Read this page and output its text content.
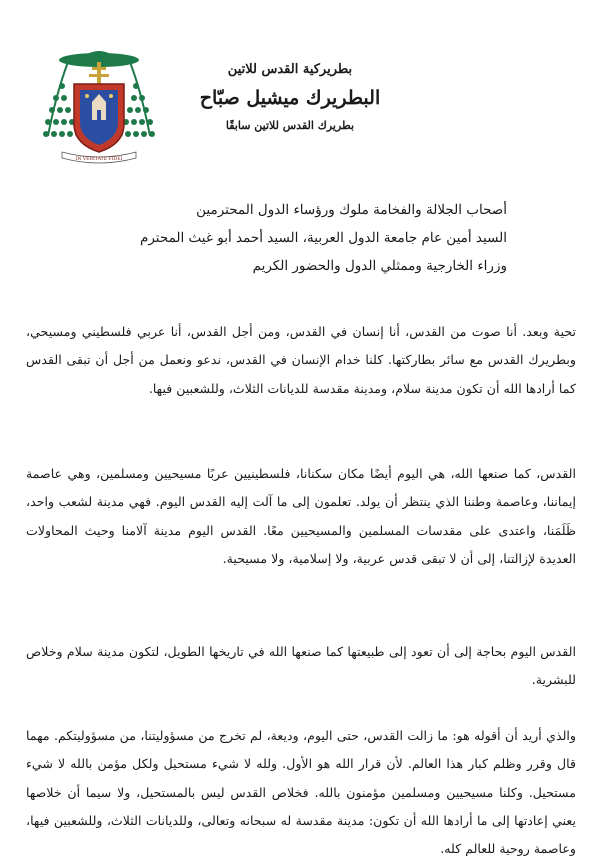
IN VERITATE FIDEI

بطريركية القدس للاتين

البطريرك ميشيل صبّاح

بطريرك القدس للاتين سابقًا

أصحاب الجلالة والفخامة ملوك ورؤساء الدول المحترمين
السيد أمين عام جامعة الدول العربية، السيد أحمد أبو غيث المحترم
وزراء الخارجية وممثلي الدول والحضور الكريم

تحية وبعد. أنا صوت من القدس، أنا إنسان في القدس، ومن أجل القدس، أنا عربي فلسطيني ومسيحي، وبطريرك القدس مع سائر بطاركتها. كلنا خدام الإنسان في القدس، ندعو ونعمل من أجل أن تبقى القدس كما أرادها الله أن تكون مدينة سلام، ومدينة مقدسة للديانات الثلاث، وللشعبين فيها.

القدس، كما صنعها الله، هي اليوم أيضًا مكان سكنانا، فلسطينيين عربًا مسيحيين ومسلمين، وهي عاصمة إيماننا، وعاصمة وطننا الذي ينتظر أن يولد. تعلمون إلى ما آلت إليه القدس اليوم. فهي مدينة لشعب واحد، ظَلَمَنا، واعتدى على مقدسات المسلمين والمسيحيين معًا. القدس اليوم مدينة آلامنا وحيث المحاولات العديدة لإزالتنا، إلى أن لا تبقى قدس عربية، ولا إسلامية، ولا مسيحية.

القدس اليوم بحاجة إلى أن تعود إلى طبيعتها كما صنعها الله في تاريخها الطويل، لتكون مدينة سلام وخلاص للبشرية.

والذي أريد أن أقوله هو: ما زالت القدس، حتى اليوم، وديعة، لم تخرج من مسؤوليتنا، من مسؤوليتكم. مهما قال وقرر وظلم كبار هذا العالم. لأن قرار الله هو الأول. ولله لا شيء مستحيل ولكل مؤمن بالله لا شيء مستحيل. وكلنا مسيحيين ومسلمين مؤمنون بالله. فخلاص القدس ليس بالمستحيل، ولا سيما أن خلاصها يعني إعادتها إلى ما أرادها الله أن تكون: مدينة مقدسة له سبحانه وتعالى، وللديانات الثلاث، وللشعبين فيها، وعاصمة روحية للعالم كله.
